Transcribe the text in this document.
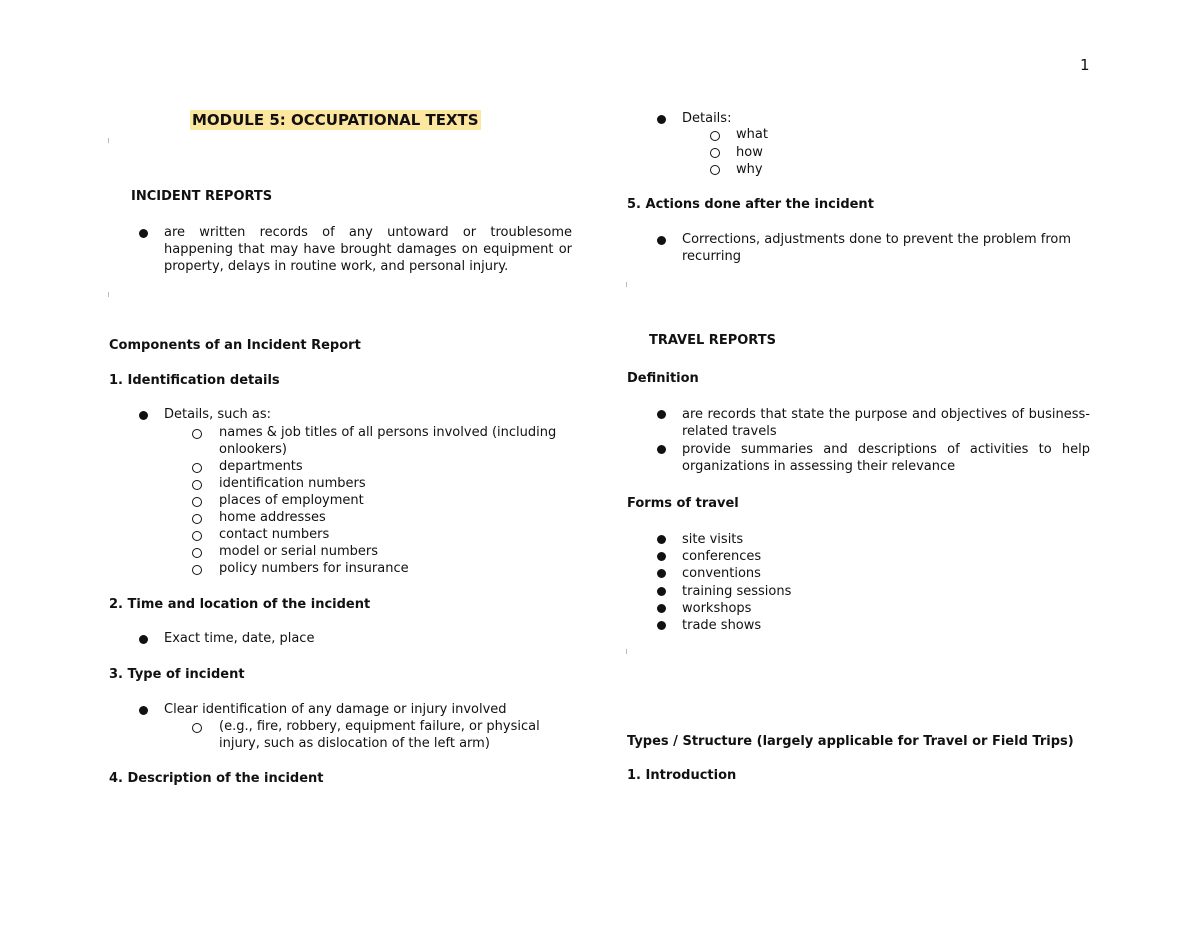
1
MODULE 5: OCCUPATIONAL TEXTS
INCIDENT REPORTS
are written records of any untoward or troublesome happening that may have brought damages on equipment or property, delays in routine work, and personal injury.
Components of an Incident Report
1. Identification details
Details, such as:
names & job titles of all persons involved (including onlookers)
departments
identification numbers
places of employment
home addresses
contact numbers
model or serial numbers
policy numbers for insurance
2. Time and location of the incident
Exact time, date, place
3. Type of incident
Clear identification of any damage or injury involved
(e.g., fire, robbery, equipment failure, or physical injury, such as dislocation of the left arm)
4. Description of the incident
Details:
what
how
why
5. Actions done after the incident
Corrections, adjustments done to prevent the problem from recurring
TRAVEL REPORTS
Definition
are records that state the purpose and objectives of business-related travels
provide summaries and descriptions of activities to help organizations in assessing their relevance
Forms of travel
site visits
conferences
conventions
training sessions
workshops
trade shows
Types / Structure (largely applicable for Travel or Field Trips)
1. Introduction
